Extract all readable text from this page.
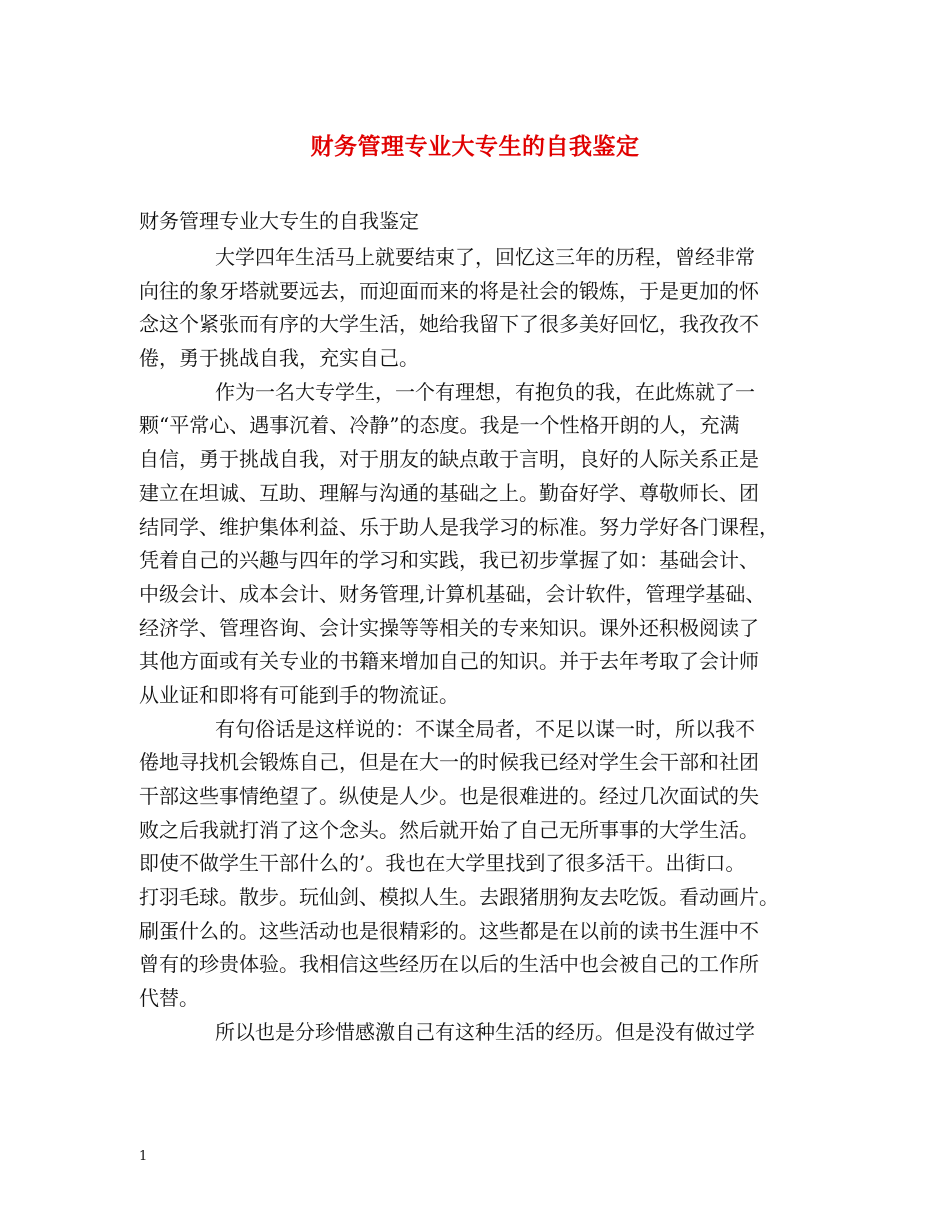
财务管理专业大专生的自我鉴定
财务管理专业大专生的自我鉴定
大学四年生活马上就要结束了，回忆这三年的历程，曾经非常
向往的象牙塔就要远去，而迎面而来的将是社会的锻炼，于是更加的怀
念这个紧张而有序的大学生活，她给我留下了很多美好回忆，我孜孜不
倦，勇于挑战自我，充实自己。
作为一名大专学生，一个有理想，有抱负的我，在此炼就了一
颗“平常心、遇事沉着、冷静”的态度。我是一个性格开朗的人，充满
自信，勇于挑战自我，对于朋友的缺点敢于言明，良好的人际关系正是
建立在坦诚、互助、理解与沟通的基础之上。勤奋好学、尊敬师长、团
结同学、维护集体利益、乐于助人是我学习的标准。努力学好各门课程，
凭着自己的兴趣与四年的学习和实践，我已初步掌握了如：基础会计、
中级会计、成本会计、财务管理,计算机基础，会计软件，管理学基础、
经济学、管理咨询、会计实操等等相关的专来知识。课外还积极阅读了
其他方面或有关专业的书籍来增加自己的知识。并于去年考取了会计师
从业证和即将有可能到手的物流证。
有句俗话是这样说的：不谋全局者，不足以谋一时，所以我不
倦地寻找机会锻炼自己，但是在大一的时候我已经对学生会干部和社团
干部这些事情绝望了。纵使是人少。也是很难进的。经过几次面试的失
败之后我就打消了这个念头。然后就开始了自己无所事事的大学生活。
即使不做学生干部什么的’。我也在大学里找到了很多活干。出街口。
打羽毛球。散步。玩仙剑、模拟人生。去跟猪朋狗友去吃饭。看动画片。
刷蛋什么的。这些活动也是很精彩的。这些都是在以前的读书生涯中不
曾有的珍贵体验。我相信这些经历在以后的生活中也会被自己的工作所
代替。
所以也是分珍惜感激自己有这种生活的经历。但是没有做过学
1
